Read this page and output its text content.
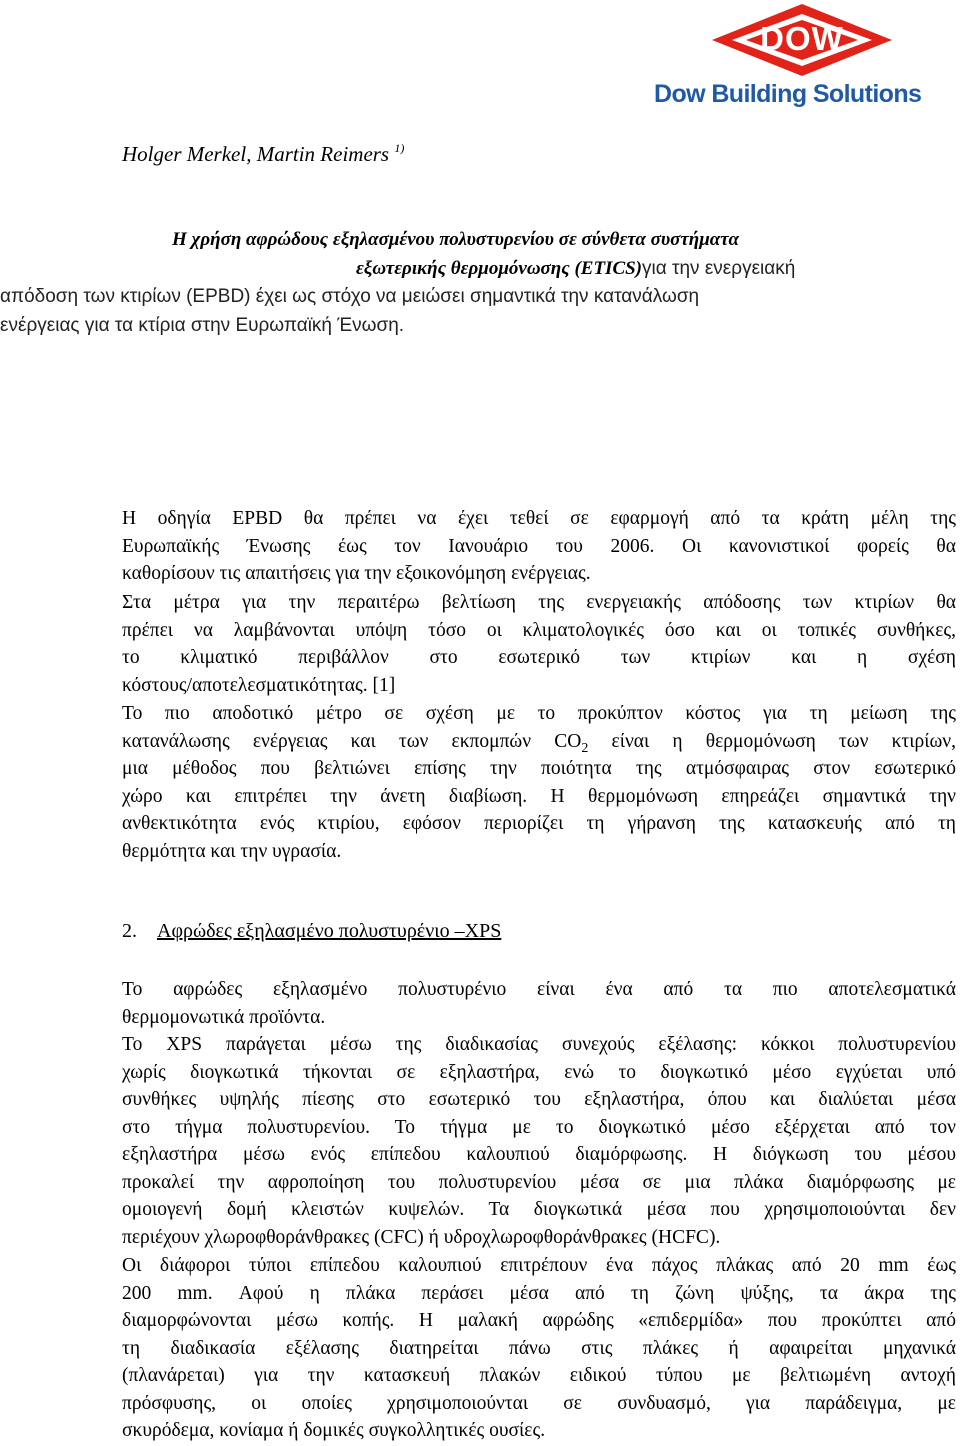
DOW
Dow Building Solutions
Holger Merkel, Martin Reimers $^{1)}$
Η χρήση αφρώδους εξηλασμένου πολυστυρενίου σε σύνθετα συστήματα
εξωτερικής θερμομόνωσης (ETICS) για την ενεργειακή
απόδοση των κτιρίων (EPBD) έχει ως στόχο να μειώσει σημαντικά την κατανάλωση
ενέργειας για τα κτίρια στην Ευρωπαϊκή Ένωση.
Η οδηγία EPBD θα πρέπει να έχει τεθεί σε εφαρμογή από τα κράτη μέλη της
Ευρωπαϊκής Ένωσης έως τον Ιανουάριο του 2006. Οι κανονιστικοί φορείς θα
καθορίσουν τις απαιτήσεις για την εξοικονόμηση ενέργειας.
Στα μέτρα για την περαιτέρω βελτίωση της ενεργειακής απόδοσης των κτιρίων θα
πρέπει να λαμβάνονται υπόψη τόσο οι κλιματολογικές όσο και οι τοπικές συνθήκες,
το κλιματικό περιβάλλον στο εσωτερικό των κτιρίων και η σχέση
κόστους/αποτελεσματικότητας. [1]
Το πιο αποδοτικό μέτρο σε σχέση με το προκύπτον κόστος για τη μείωση της
κατανάλωσης ενέργειας και των εκπομπών $CO_2$ είναι η θερμομόνωση των κτιρίων,
μια μέθοδος που βελτιώνει επίσης την ποιότητα της ατμόσφαιρας στον εσωτερικό
χώρο και επιτρέπει την άνετη διαβίωση. Η θερμομόνωση επηρεάζει σημαντικά την
ανθεκτικότητα ενός κτιρίου, εφόσον περιορίζει τη γήρανση της κατασκευής από τη
θερμότητα και την υγρασία.
2. Αφρώδες εξηλασμένο πολυστυρένιο –XPS
Το αφρώδες εξηλασμένο πολυστυρένιο είναι ένα από τα πιο αποτελεσματικά
θερμομονωτικά προϊόντα.
Το XPS παράγεται μέσω της διαδικασίας συνεχούς εξέλασης: κόκκοι πολυστυρενίου
χωρίς διογκωτικά τήκονται σε εξηλαστήρα, ενώ το διογκωτικό μέσο εγχύεται υπό
συνθήκες υψηλής πίεσης στο εσωτερικό του εξηλαστήρα, όπου και διαλύεται μέσα
στο τήγμα πολυστυρενίου. Το τήγμα με το διογκωτικό μέσο εξέρχεται από τον
εξηλαστήρα μέσω ενός επίπεδου καλουπιού διαμόρφωσης. Η διόγκωση του μέσου
προκαλεί την αφροποίηση του πολυστυρενίου μέσα σε μια πλάκα διαμόρφωσης με
ομοιογενή δομή κλειστών κυψελών. Τα διογκωτικά μέσα που χρησιμοποιούνται δεν
περιέχουν χλωροφθοράνθρακες (CFC) ή υδροχλωροφθοράνθρακες (HCFC).
Οι διάφοροι τύποι επίπεδου καλουπιού επιτρέπουν ένα πάχος πλάκας από 20 mm έως
200 mm. Αφού η πλάκα περάσει μέσα από τη ζώνη ψύξης, τα άκρα της
διαμορφώνονται μέσω κοπής. Η μαλακή αφρώδης «επιδερμίδα» που προκύπτει από
τη διαδικασία εξέλασης διατηρείται πάνω στις πλάκες ή αφαιρείται μηχανικά
(πλανάρεται) για την κατασκευή πλακών ειδικού τύπου με βελτιωμένη αντοχή
πρόσφυσης, οι οποίες χρησιμοποιούνται σε συνδυασμό, για παράδειγμα, με
σκυρόδεμα, κονίαμα ή δομικές συγκολλητικές ουσίες.
